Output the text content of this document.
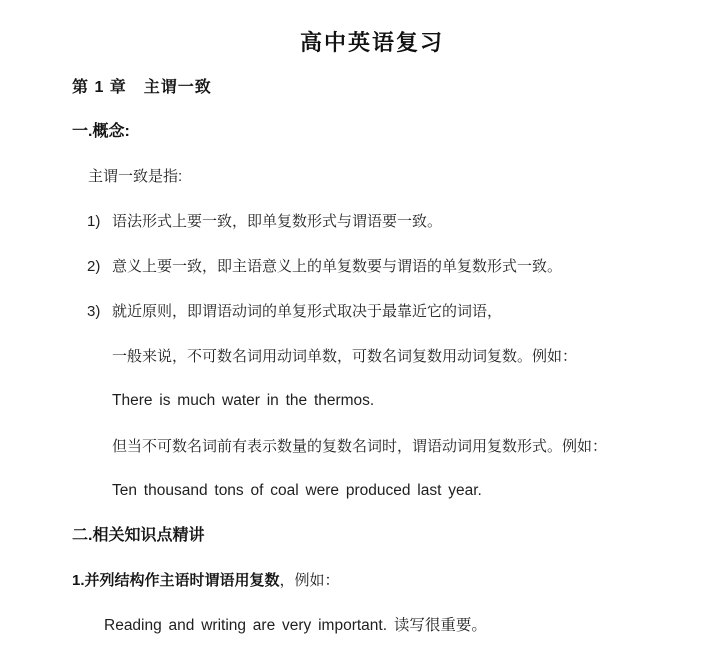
高中英语复习
第 1 章　主谓一致
一.概念:
主谓一致是指:
1) 语法形式上要一致，即单复数形式与谓语要一致。
2) 意义上要一致，即主语意义上的单复数要与谓语的单复数形式一致。
3) 就近原则，即谓语动词的单复形式取决于最靠近它的词语，
一般来说，不可数名词用动词单数，可数名词复数用动词复数。例如：
There is much water in the thermos.
但当不可数名词前有表示数量的复数名词时，谓语动词用复数形式。例如：
Ten thousand tons of coal were produced last year.
二.相关知识点精讲
1.并列结构作主语时谓语用复数，例如：
Reading and writing are very important. 读写很重要。
